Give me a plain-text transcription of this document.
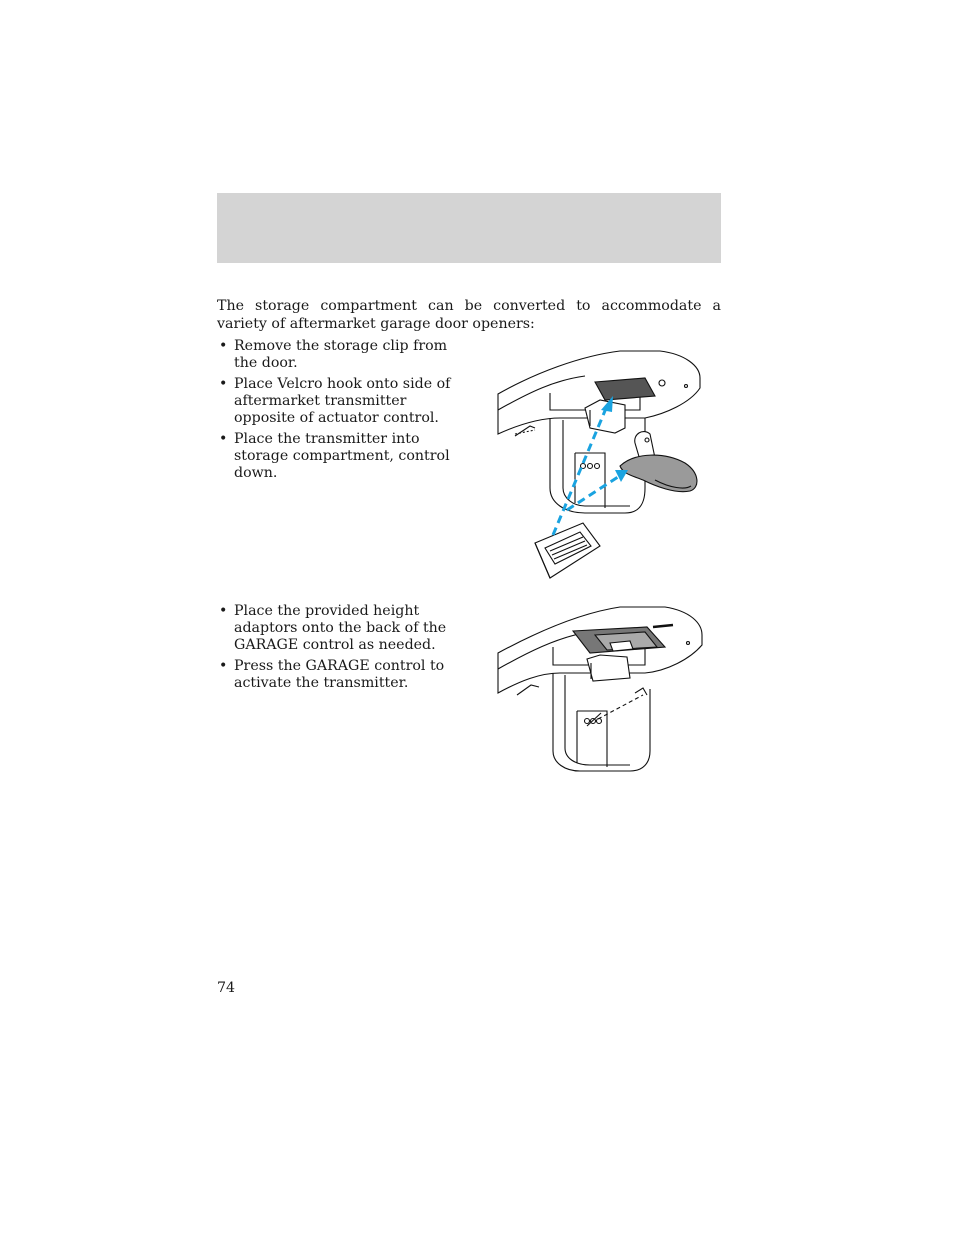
The storage compartment can be converted to accommodate a variety of aftermarket garage door openers:

• Remove the storage clip from the door.
• Place Velcro hook onto side of aftermarket transmitter opposite of actuator control.
• Place the transmitter into storage compartment, control down.
• Place the provided height adaptors onto the back of the GARAGE control as needed.
• Press the GARAGE control to activate the transmitter.
74
